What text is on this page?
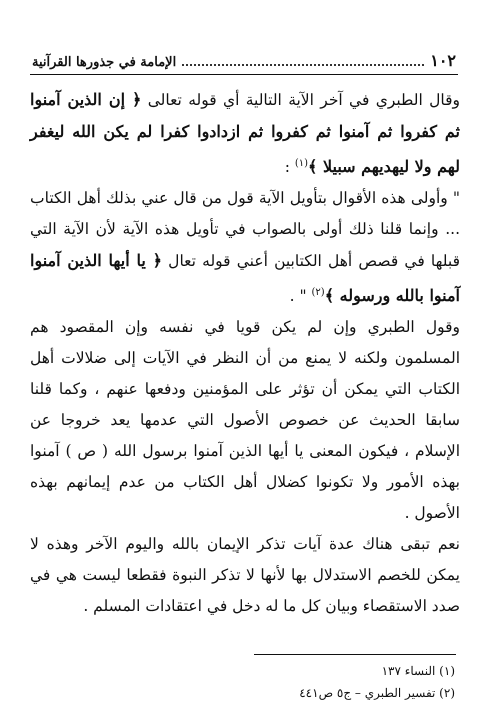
١٠٢
الإمامة في جذورها القرآنية

وقال الطبري في آخر الآية التالية أي قوله تعالى ﴿ إن الذين آمنوا ثم كفروا ثم آمنوا ثم كفروا ثم ازدادوا كفرا لم يكن الله ليغفر لهم ولا ليهديهم سبيلا ﴾$^{(١)}$ :

" وأولى هذه الأقوال بتأويل الآية قول من قال عني بذلك أهل الكتاب ... وإنما قلنا ذلك أولى بالصواب في تأويل هذه الآية لأن الآية التي قبلها في قصص أهل الكتابين أعني قوله تعال ﴿ يا أيها الذين آمنوا آمنوا بالله ورسوله ﴾$^{(٢)}$ " .

وقول الطبري وإن لم يكن قويا في نفسه وإن المقصود هم المسلمون ولكنه لا يمنع من أن النظر في الآيات إلى ضلالات أهل الكتاب التي يمكن أن تؤثر على المؤمنين ودفعها عنهم ، وكما قلنا سابقا الحديث عن خصوص الأصول التي عدمها يعد خروجا عن الإسلام ، فيكون المعنى يا أيها الذين آمنوا برسول الله ( ص ) آمنوا بهذه الأمور ولا تكونوا كضلال أهل الكتاب من عدم إيمانهم بهذه الأصول .

نعم تبقى هناك عدة آيات تذكر الإيمان بالله واليوم الآخر وهذه لا يمكن للخصم الاستدلال بها لأنها لا تذكر النبوة فقطعا ليست هي في صدد الاستقصاء وبيان كل ما له دخل في اعتقادات المسلم .

(١) النساء ١٣٧
(٢) تفسير الطبري – ج٥ ص٤٤١
